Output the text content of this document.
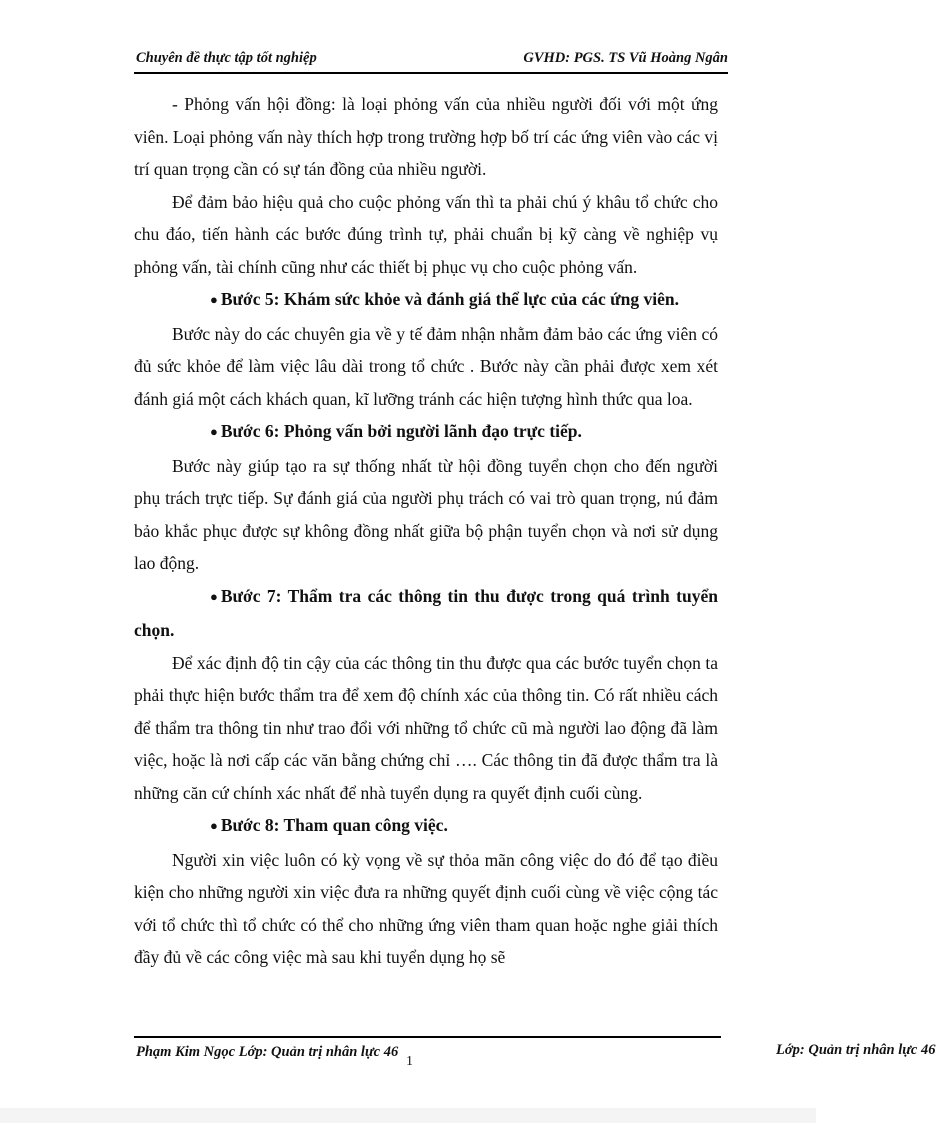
Chuyên đề thực tập tốt nghiệp	GVHD: PGS. TS Vũ Hoàng Ngân

- Phỏng vấn hội đồng: là loại phỏng vấn của nhiều người đối với một ứng viên. Loại phỏng vấn này thích hợp trong trường hợp bố trí các ứng viên vào các vị trí quan trọng cần có sự tán đồng của nhiều người.

Để đảm bảo hiệu quả cho cuộc phỏng vấn thì ta phải chú ý khâu tổ chức cho chu đáo, tiến hành các bước đúng trình tự, phải chuẩn bị kỹ càng về nghiệp vụ phỏng vấn, tài chính cũng như các thiết bị phục vụ cho cuộc phỏng vấn.

● Bước 5: Khám sức khỏe và đánh giá thể lực của các ứng viên.

Bước này do các chuyên gia về y tế đảm nhận nhằm đảm bảo các ứng viên có đủ sức khỏe để làm việc lâu dài trong tổ chức . Bước này cần phải được xem xét đánh giá một cách khách quan, kĩ lưỡng tránh các hiện tượng hình thức qua loa.

● Bước 6: Phỏng vấn bởi người lãnh đạo trực tiếp.

Bước này giúp tạo ra sự thống nhất từ hội đồng tuyển chọn cho đến người phụ trách trực tiếp. Sự đánh giá của người phụ trách có vai trò quan trọng, nú đảm bảo khắc phục được sự không đồng nhất giữa bộ phận tuyển chọn và nơi sử dụng lao động.

● Bước 7: Thẩm tra các thông tin thu được trong quá trình tuyển chọn.

Để xác định độ tin cậy của các thông tin thu được qua các bước tuyển chọn ta phải thực hiện bước thẩm tra để xem độ chính xác của thông tin. Có rất nhiều cách để thẩm tra thông tin như trao đổi với những tổ chức cũ mà người lao động đã làm việc, hoặc là nơi cấp các văn bằng chứng chỉ …. Các thông tin đã được thẩm tra là những căn cứ chính xác nhất để nhà tuyển dụng ra quyết định cuối cùng.

● Bước 8: Tham quan công việc.

Người xin việc luôn có kỳ vọng về sự thỏa mãn công việc do đó để tạo điều kiện cho những người xin việc đưa ra những quyết định cuối cùng về việc cộng tác với tổ chức thì tổ chức có thể cho những ứng viên tham quan hoặc nghe giải thích đầy đủ về các công việc mà sau khi tuyển dụng họ sẽ

Phạm Kim Ngọc Lớp: Quản trị nhân lực 46	Lớp: Quản trị nhân lực 46
1
